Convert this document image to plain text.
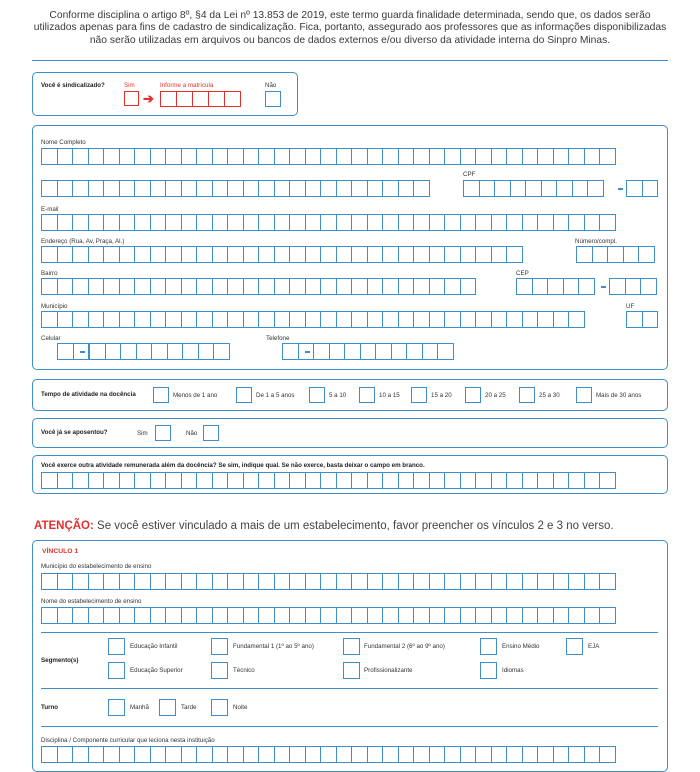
Conforme disciplina o artigo 8º, §4 da Lei nº 13.853 de 2019, este termo guarda finalidade determinada, sendo que, os dados serão utilizados apenas para fins de cadastro de sindicalização. Fica, portanto, assegurado aos professores que as informações disponibilizadas não serão utilizadas em arquivos ou bancos de dados externos e/ou diverso da atividade interna do Sinpro Minas.
Você é sindicalizado?	Sim
➔
Informe a matrícula	Não
Nome Completo
CPF
E-mail
Endereço (Rua, Av, Praça, Al.)	Número/compl.
Bairro	CEP
Município	UF
Celular	Telefone
Tempo de atividade na docência	Menos de 1 ano	De 1 a 5 anos	5 a 10	10 a 15	15 a 20	20 a 25	25 a 30	Mais de 30 anos
Você já se aposentou?	Sim	Não
Você exerce outra atividade remunerada além da docência? Se sim, indique qual. Se não exerce, basta deixar o campo em branco.
ATENÇÃO: Se você estiver vinculado a mais de um estabelecimento, favor preencher os vínculos 2 e 3 no verso.
VÍNCULO 1
Município do estabelecimento de ensino
Nome do estabelecimento de ensino
Segmento(s)
Educação Infantil	Fundamental 1 (1º ao 5º ano)	Fundamental 2 (6º ao 9º ano)	Ensino Médio	EJA
Educação Superior	Técnico	Profissionalizante	Idiomas
Turno	Manhã	Tarde	Noite
Disciplina / Componente curricular que leciona nesta instituição
